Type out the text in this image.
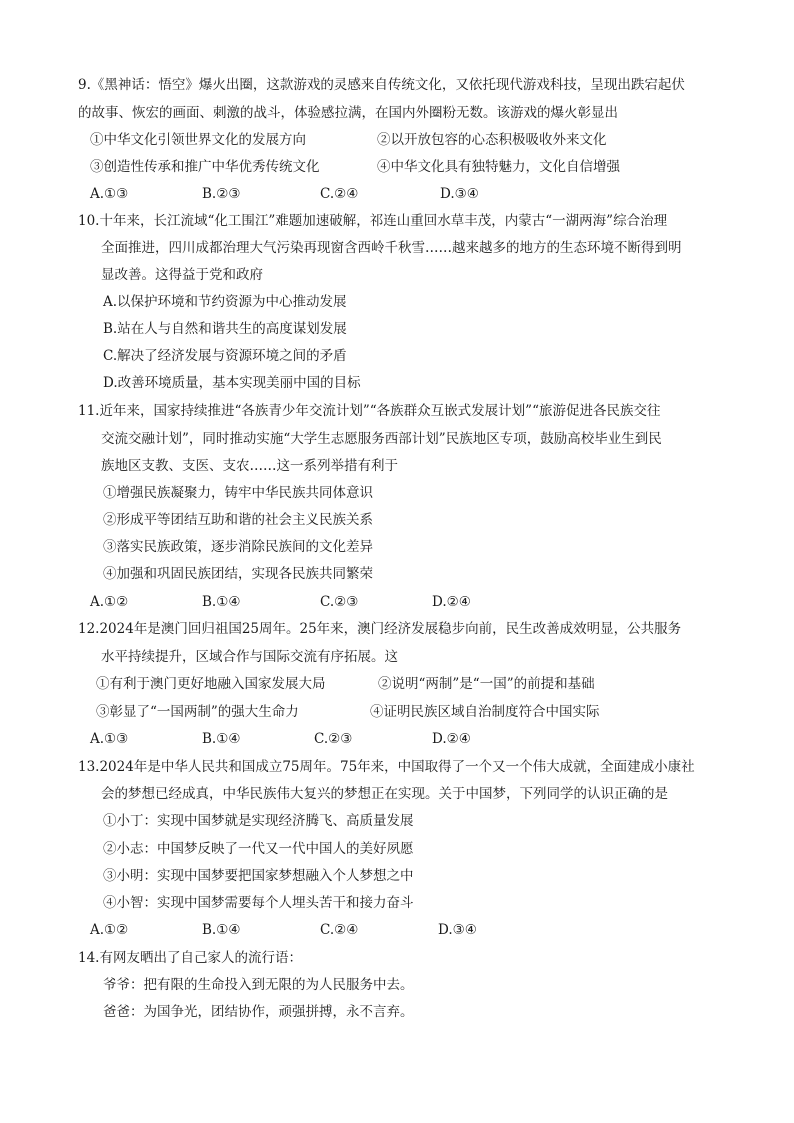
9.《黑神话：悟空》爆火出圈，这款游戏的灵感来自传统文化，又依托现代游戏科技，呈现出跌宕起伏
的故事、恢宏的画面、刺激的战斗，体验感拉满，在国内外圈粉无数。该游戏的爆火彰显出
①中华文化引领世界文化的发展方向	②以开放包容的心态积极吸收外来文化
③创造性传承和推广中华优秀传统文化	④中华文化具有独特魅力，文化自信增强
A.①③	B.②③	C.②④	D.③④
10.十年来，长江流域“化工围江”难题加速破解，祁连山重回水草丰茂，内蒙古“一湖两海”综合治理
全面推进，四川成都治理大气污染再现窗含西岭千秋雪……越来越多的地方的生态环境不断得到明
显改善。这得益于党和政府
A.以保护环境和节约资源为中心推动发展
B.站在人与自然和谐共生的高度谋划发展
C.解决了经济发展与资源环境之间的矛盾
D.改善环境质量，基本实现美丽中国的目标
11.近年来，国家持续推进“各族青少年交流计划”“各族群众互嵌式发展计划”“旅游促进各民族交往
交流交融计划”，同时推动实施“大学生志愿服务西部计划”民族地区专项，鼓励高校毕业生到民
族地区支教、支医、支农……这一系列举措有利于
①增强民族凝聚力，铸牢中华民族共同体意识
②形成平等团结互助和谐的社会主义民族关系
③落实民族政策，逐步消除民族间的文化差异
④加强和巩固民族团结，实现各民族共同繁荣
A.①②	B.①④	C.②③	D.②④
12.2024年是澳门回归祖国25周年。25年来，澳门经济发展稳步向前，民生改善成效明显，公共服务
水平持续提升，区域合作与国际交流有序拓展。这
①有利于澳门更好地融入国家发展大局	②说明“两制”是“一国”的前提和基础
③彰显了“一国两制”的强大生命力	④证明民族区域自治制度符合中国实际
A.①③	B.①④	C.②③	D.②④
13.2024年是中华人民共和国成立75周年。75年来，中国取得了一个又一个伟大成就，全面建成小康社
会的梦想已经成真，中华民族伟大复兴的梦想正在实现。关于中国梦，下列同学的认识正确的是
①小丁：实现中国梦就是实现经济腾飞、高质量发展
②小志：中国梦反映了一代又一代中国人的美好夙愿
③小明：实现中国梦要把国家梦想融入个人梦想之中
④小智：实现中国梦需要每个人埋头苦干和接力奋斗
A.①②	B.①④	C.②④	D.③④
14.有网友晒出了自己家人的流行语：
爷爷：把有限的生命投入到无限的为人民服务中去。
爸爸：为国争光，团结协作，顽强拼搏，永不言弃。
